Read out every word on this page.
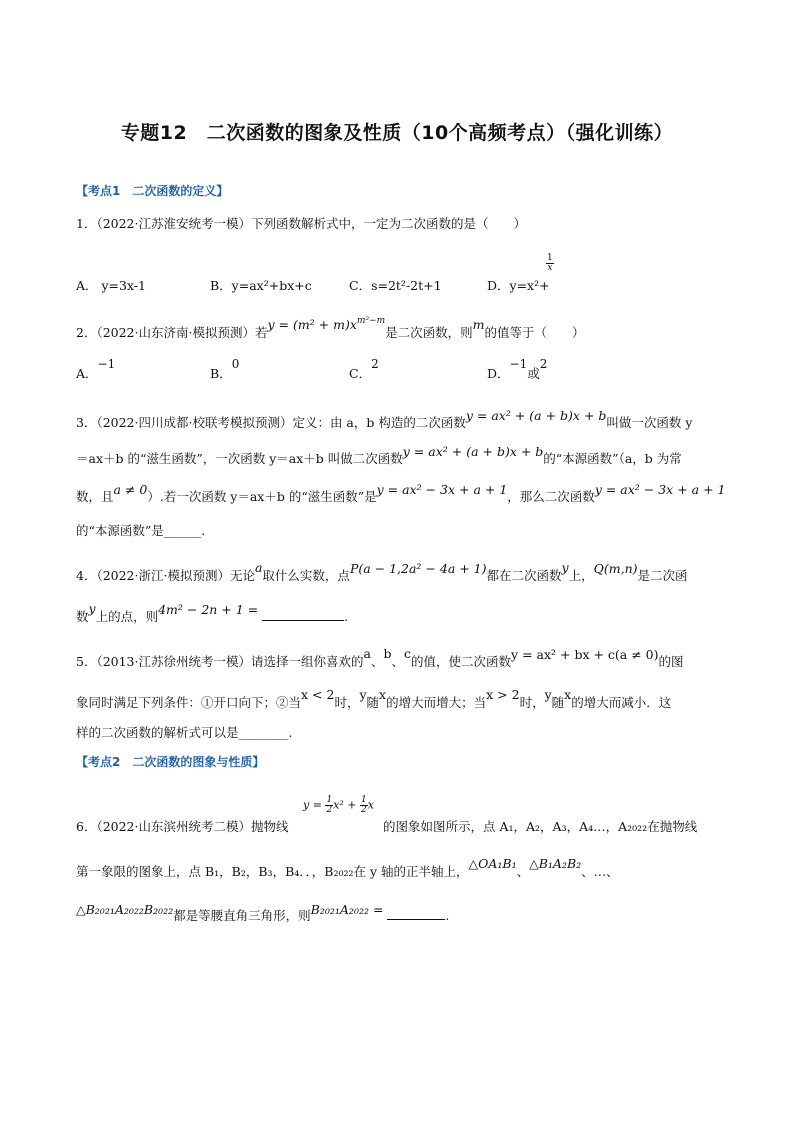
专题12　二次函数的图象及性质（10个高频考点）（强化训练）
【考点1　二次函数的定义】
1．（2022·江苏淮安统考一模）下列函数解析式中，一定为二次函数的是（　　）
A． y=3x-1	B．y=ax²+bx+c	C．s=2t²-2t+1	D．y=x²+
$\frac{1}{x}$
2．（2022·山东济南·模拟预测）若$y = (m^2 + m)x^{m^2-m}$是二次函数，则m的值等于（　　）
A．−1
B．0
C．2
D．−1或2
3．（2022·四川成都·校联考模拟预测）定义：由 a，b 构造的二次函数y = ax² + (a + b)x + b叫做一次函数 y
＝ax＋b 的“滋生函数”，一次函数 y＝ax＋b 叫做二次函数y = ax² + (a + b)x + b的“本源函数”（a，b 为常
数，且a ≠ 0）.若一次函数 y＝ax＋b 的“滋生函数”是y = ax² − 3x + a + 1，那么二次函数y = ax² − 3x + a + 1
的“本源函数”是______.
4．（2022·浙江·模拟预测）无论a取什么实数，点P(a − 1,2a² − 4a + 1)都在二次函数y上，Q(m,n)是二次函
数y上的点，则4m² − 2n + 1 =	.
5．（2013·江苏徐州统考一模）请选择一组你喜欢的a、b、c的值，使二次函数y = ax² + bx + c(a ≠ 0)的图
象同时满足下列条件：①开口向下；②当x < 2时，y随x的增大而增大；当x > 2时，y随x的增大而减小．这
样的二次函数的解析式可以是________.
【考点2　二次函数的图象与性质】
6．（2022·山东滨州统考二模）抛物线
$y = \frac{1}{2} x^2 + \frac{1}{2}$ x
的图象如图所示，点 A₁，A₂，A₃，A₄…，A₂₀₂₂在抛物线
第一象限的图象上，点 B₁，B₂，B₃，B₄．．，B₂₀₂₂在 y 轴的正半轴上，△OA₁B₁、△B₁A₂B₂、…、
△B₂₀₂₁A₂₀₂₂B₂₀₂₂都是等腰直角三角形，则B₂₀₂₁A₂₀₂₂ =	.
